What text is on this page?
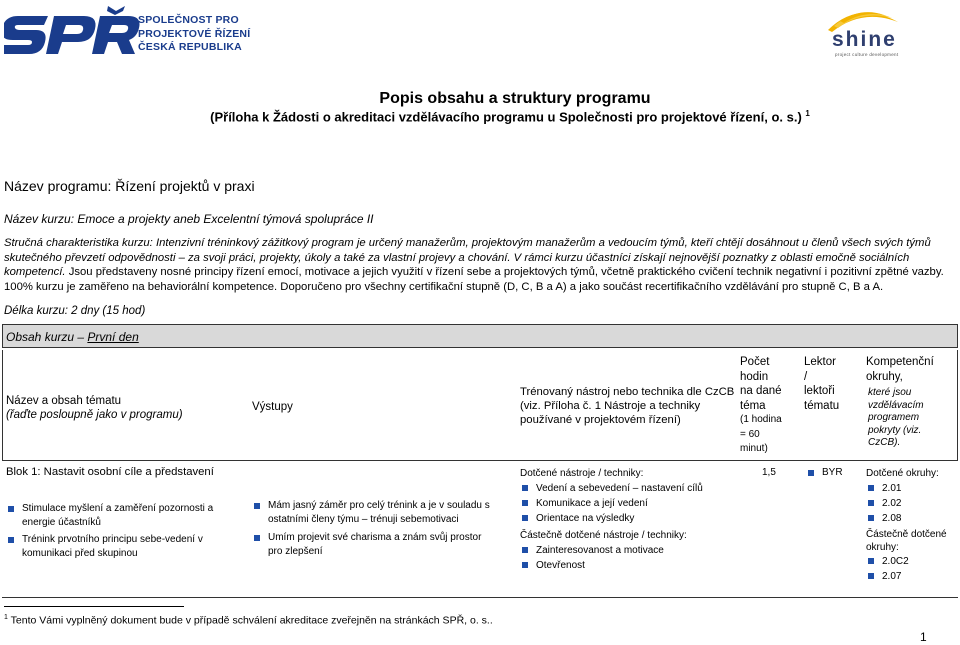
SPOLEČNOST PRO
PROJEKTOVÉ ŘÍZENÍ
ČESKÁ REPUBLIKA	shine
project culture development
Popis obsahu a struktury programu
(Příloha k Žádosti o akreditaci vzdělávacího programu u Společnosti pro projektové řízení, o. s.) $^1$
Název programu: Řízení projektů v praxi
Název kurzu: Emoce a projekty aneb Excelentní týmová spolupráce II
Stručná charakteristika kurzu: Intenzivní tréninkový zážitkový program je určený manažerům, projektovým manažerům a vedoucím týmů, kteří chtějí dosáhnout u členů všech svých týmů skutečného převzetí odpovědnosti – za svoji práci, projekty, úkoly a také za vlastní projevy a chování. V rámci kurzu účastníci získají nejnovější poznatky z oblasti emočně sociálních kompetencí. Jsou představeny nosné principy řízení emocí, motivace a jejich využití v řízení sebe a projektových týmů, včetně praktického cvičení technik negativní i pozitivní zpětné vazby. 100% kurzu je zaměřeno na behaviorální kompetence. Doporučeno pro všechny certifikační stupně (D, C, B a A) a jako součást recertifikačního vzdělávání pro stupně C, B a A.
Délka kurzu: 2 dny (15 hod)
Obsah kurzu – První den
Název a obsah tématu
(řaďte posloupně jako v programu)
Výstupy
Trénovaný nástroj nebo technika dle CzCB
(viz. Příloha č. 1 Nástroje a techniky
používané v projektovém řízení)
Počet
hodin
na dané
téma
(1 hodina
= 60
minut)
Lektor
/
lektoři
tématu
Kompetenční
okruhy,
které jsou
vzdělávacím
programem
pokryty (viz.
CzCB).
Blok 1: Nastavit osobní cíle a představení
Stimulace myšlení a zaměření pozornosti a energie účastníků
Trénink prvotního principu sebe-vedení v komunikaci před skupinou
Mám jasný záměr pro celý trénink a je v souladu s ostatními členy týmu – trénuji sebemotivaci
Umím projevit své charisma a znám svůj prostor pro zlepšení
Dotčené nástroje / techniky:
Vedení a sebevedení – nastavení cílů
Komunikace a její vedení
Orientace na výsledky
Částečně dotčené nástroje / techniky:
Zainteresovanost a motivace
Otevřenost
1,5	BYR Dotčené okruhy:
2.01
2.02
2.08
Částečně dotčené okruhy:
2.0C2
2.07
$^1$ Tento Vámi vyplněný dokument bude v případě schválení akreditace zveřejněn na stránkách SPŘ, o. s..
1
